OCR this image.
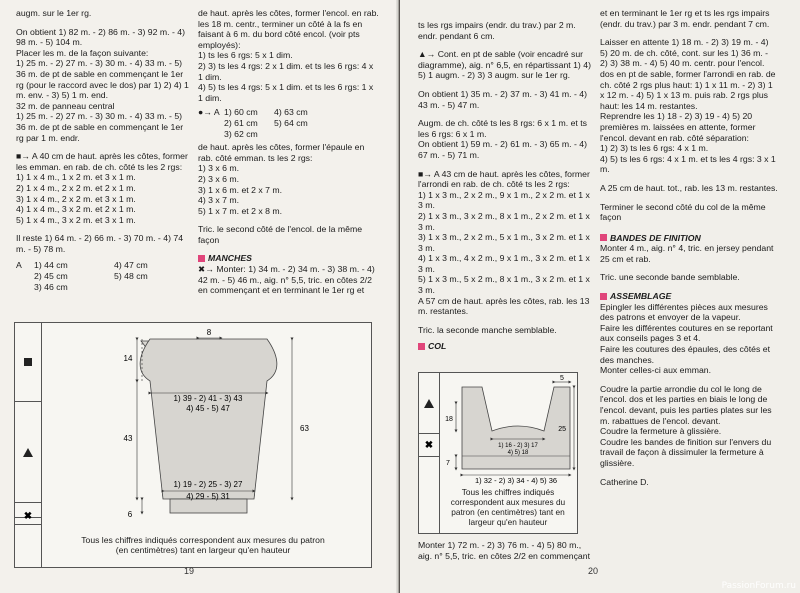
augm. sur le 1er rg.

On obtient 1) 82 m. - 2) 86 m. - 3) 92 m. - 4) 98 m. - 5) 104 m.

Placer les m. de la façon suivante:

1) 25 m. - 2) 27 m. - 3) 30 m. - 4) 33 m. - 5) 36 m. de pt de sable en commençant le 1er rg (pour le raccord avec le dos) par 1) 2) 4) 1 m. env. - 3) 5) 1 m. end.

32 m. de panneau central

1) 25 m. - 2) 27 m. - 3) 30 m. - 4) 33 m. - 5) 36 m. de pt de sable en commençant le 1er rg par 1 m. endr.

■→ A 40 cm de haut. après les côtes, former les emman. en rab. de ch. côté ts les 2 rgs:

1) 1 x 4 m., 1 x 2 m. et 3 x 1 m.

2) 1 x 4 m., 2 x 2 m. et 2 x 1 m.

3) 1 x 4 m., 2 x 2 m. et 3 x 1 m.

4) 1 x 4 m., 3 x 2 m. et 2 x 1 m.

5) 1 x 4 m., 3 x 2 m. et 3 x 1 m.

Il reste 1) 64 m. - 2) 66 m. - 3) 70 m. - 4) 74 m. - 5) 78 m.

A	1) 44 cm	4) 47 cm
2) 45 cm	5) 48 cm
3) 46 cm

de haut. après les côtes, former l'encol. en rab. les 18 m. centr., terminer un côté à la fs en faisant à 6 m. du bord côté encol. (voir pts employés):

1) ts les 6 rgs: 5 x 1 dim.

2) 3) ts les 4 rgs: 2 x 1 dim. et ts les 6 rgs: 4 x 1 dim.

4) 5) ts les 4 rgs: 5 x 1 dim. et ts les 6 rgs: 1 x 1 dim.

●→ A 1) 60 cm	4) 63 cm
2) 61 cm	5) 64 cm
3) 62 cm

de haut. après les côtes, former l'épaule en rab. côté emman. ts les 2 rgs:

1) 3 x 6 m.

2) 3 x 6 m.

3) 1 x 6 m. et 2 x 7 m.

4) 3 x 7 m.

5) 1 x 7 m. et 2 x 8 m.

Tric. le second côté de l'encol. de la même façon

MANCHES

✖→ Monter: 1) 34 m. - 2) 34 m. - 3) 38 m. - 4) 42 m. - 5) 46 m., aig. n° 5,5, tric. en côtes 2/2 en commençant et en terminant le 1er rg et

✖
8
14
43
63
6
1) 39 - 2) 41 - 3) 43
4) 45 - 5) 47
1) 19 - 2) 25 - 3) 27
4) 29 - 5) 31
Tous les chiffres indiqués correspondent aux mesures du patron
(en centimètres) tant en largeur qu'en hauteur
19

ts les rgs impairs (endr. du trav.) par 2 m. endr. pendant 6 cm.

▲→ Cont. en pt de sable (voir encadré sur diagramme), aig. n° 6,5, en répartissant 1) 4) 5) 1 augm. - 2) 3) 3 augm. sur le 1er rg.

On obtient 1) 35 m. - 2) 37 m. - 3) 41 m. - 4) 43 m. - 5) 47 m.

Augm. de ch. côté ts les 8 rgs: 6 x 1 m. et ts les 6 rgs: 6 x 1 m.

On obtient 1) 59 m. - 2) 61 m. - 3) 65 m. - 4) 67 m. - 5) 71 m.

■→ A 43 cm de haut. après les côtes, former l'arrondi en rab. de ch. côté ts les 2 rgs:

1) 1 x 3 m., 2 x 2 m., 9 x 1 m., 2 x 2 m. et 1 x 3 m.

2) 1 x 3 m., 3 x 2 m., 8 x 1 m., 2 x 2 m. et 1 x 3 m.

3) 1 x 3 m., 2 x 2 m., 5 x 1 m., 3 x 2 m. et 1 x 3 m.

4) 1 x 3 m., 4 x 2 m., 9 x 1 m., 3 x 2 m. et 1 x 3 m.

5) 1 x 3 m., 5 x 2 m., 8 x 1 m., 3 x 2 m. et 1 x 3 m.

A 57 cm de haut. après les côtes, rab. les 13 m. restantes.

Tric. la seconde manche semblable.

COL
✖
5
18
25
7
1) 16 - 2) 3) 17
4) 5) 18
1) 32 - 2) 3) 34 - 4) 5) 36
Tous les chiffres indiqués
correspondent aux mesures du
patron (en centimètres) tant en
largeur qu'en hauteur

Monter 1) 72 m. - 2) 3) 76 m. - 4) 5) 80 m., aig. n° 5,5, tric. en côtes 2/2 en commençant

et en terminant le 1er rg et ts les rgs impairs (endr. du trav.) par 3 m. endr. pendant 7 cm.

Laisser en attente 1) 18 m. - 2) 3) 19 m. - 4) 5) 20 m. de ch. côté, cont. sur les 1) 36 m. - 2) 3) 38 m. - 4) 5) 40 m. centr. pour l'encol. dos en pt de sable, former l'arrondi en rab. de ch. côté 2 rgs plus haut: 1) 1 x 11 m. - 2) 3) 1 x 12 m. - 4) 5) 1 x 13 m. puis rab. 2 rgs plus haut: les 14 m. restantes.

Reprendre les 1) 18 - 2) 3) 19 - 4) 5) 20 premières m. laissées en attente, former l'encol. devant en rab. côté séparation:

1) 2) 3) ts les 6 rgs: 4 x 1 m.

4) 5) ts les 6 rgs: 4 x 1 m. et ts les 4 rgs: 3 x 1 m.

A 25 cm de haut. tot., rab. les 13 m. restantes.

Terminer le second côté du col de la même façon

BANDES DE FINITION

Monter 4 m., aig. n° 4, tric. en jersey pendant 25 cm et rab.

Tric. une seconde bande semblable.

ASSEMBLAGE

Epingler les différentes pièces aux mesures des patrons et envoyer de la vapeur.

Faire les différentes coutures en se reportant aux conseils pages 3 et 4.

Faire les coutures des épaules, des côtés et des manches.

Monter celles-ci aux emman.

Coudre la partie arrondie du col le long de l'encol. dos et les parties en biais le long de l'encol. devant, puis les parties plates sur les m. rabattues de l'encol. devant.

Coudre la fermeture à glissière.

Coudre les bandes de finition sur l'envers du travail de façon à dissimuler la fermeture à glissière.

Catherine D.

20
PassionForum.ru
